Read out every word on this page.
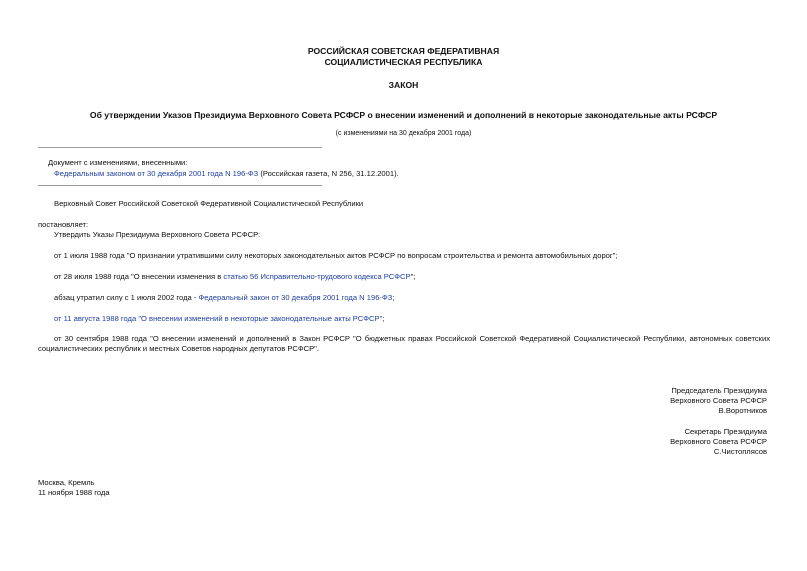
РОССИЙСКАЯ СОВЕТСКАЯ ФЕДЕРАТИВНАЯ
СОЦИАЛИСТИЧЕСКАЯ РЕСПУБЛИКА
ЗАКОН
Об утверждении Указов Президиума Верховного Совета РСФСР о внесении изменений и дополнений в некоторые законодательные акты РСФСР
(с изменениями на 30 декабря 2001 года)
Документ с изменениями, внесенными:
Федеральным законом от 30 декабря 2001 года N 196-ФЗ (Российская газета, N 256, 31.12.2001).
Верховный Совет Российской Советской Федеративной Социалистической Республики
постановляет:
Утвердить Указы Президиума Верховного Совета РСФСР:
от 1 июля 1988 года "О признании утратившими силу некоторых законодательных актов РСФСР по вопросам строительства и ремонта автомобильных дорог";
от 28 июля 1988 года "О внесении изменения в статью 56 Исправительно-трудового кодекса РСФСР";
абзац утратил силу с 1 июля 2002 года - Федеральный закон от 30 декабря 2001 года N 196-ФЗ;
от 11 августа 1988 года "О внесении изменений в некоторые законодательные акты РСФСР";
от 30 сентября 1988 года "О внесении изменений и дополнений в Закон РСФСР "О бюджетных правах Российской Советской Федеративной Социалистической Республики, автономных советских
социалистических республик и местных Советов народных депутатов РСФСР".
Председатель Президиума
Верховного Совета РСФСР
В.Воротников
Секретарь Президиума
Верховного Совета РСФСР
С.Чистоплясов
Москва, Кремль
11 ноября 1988 года
